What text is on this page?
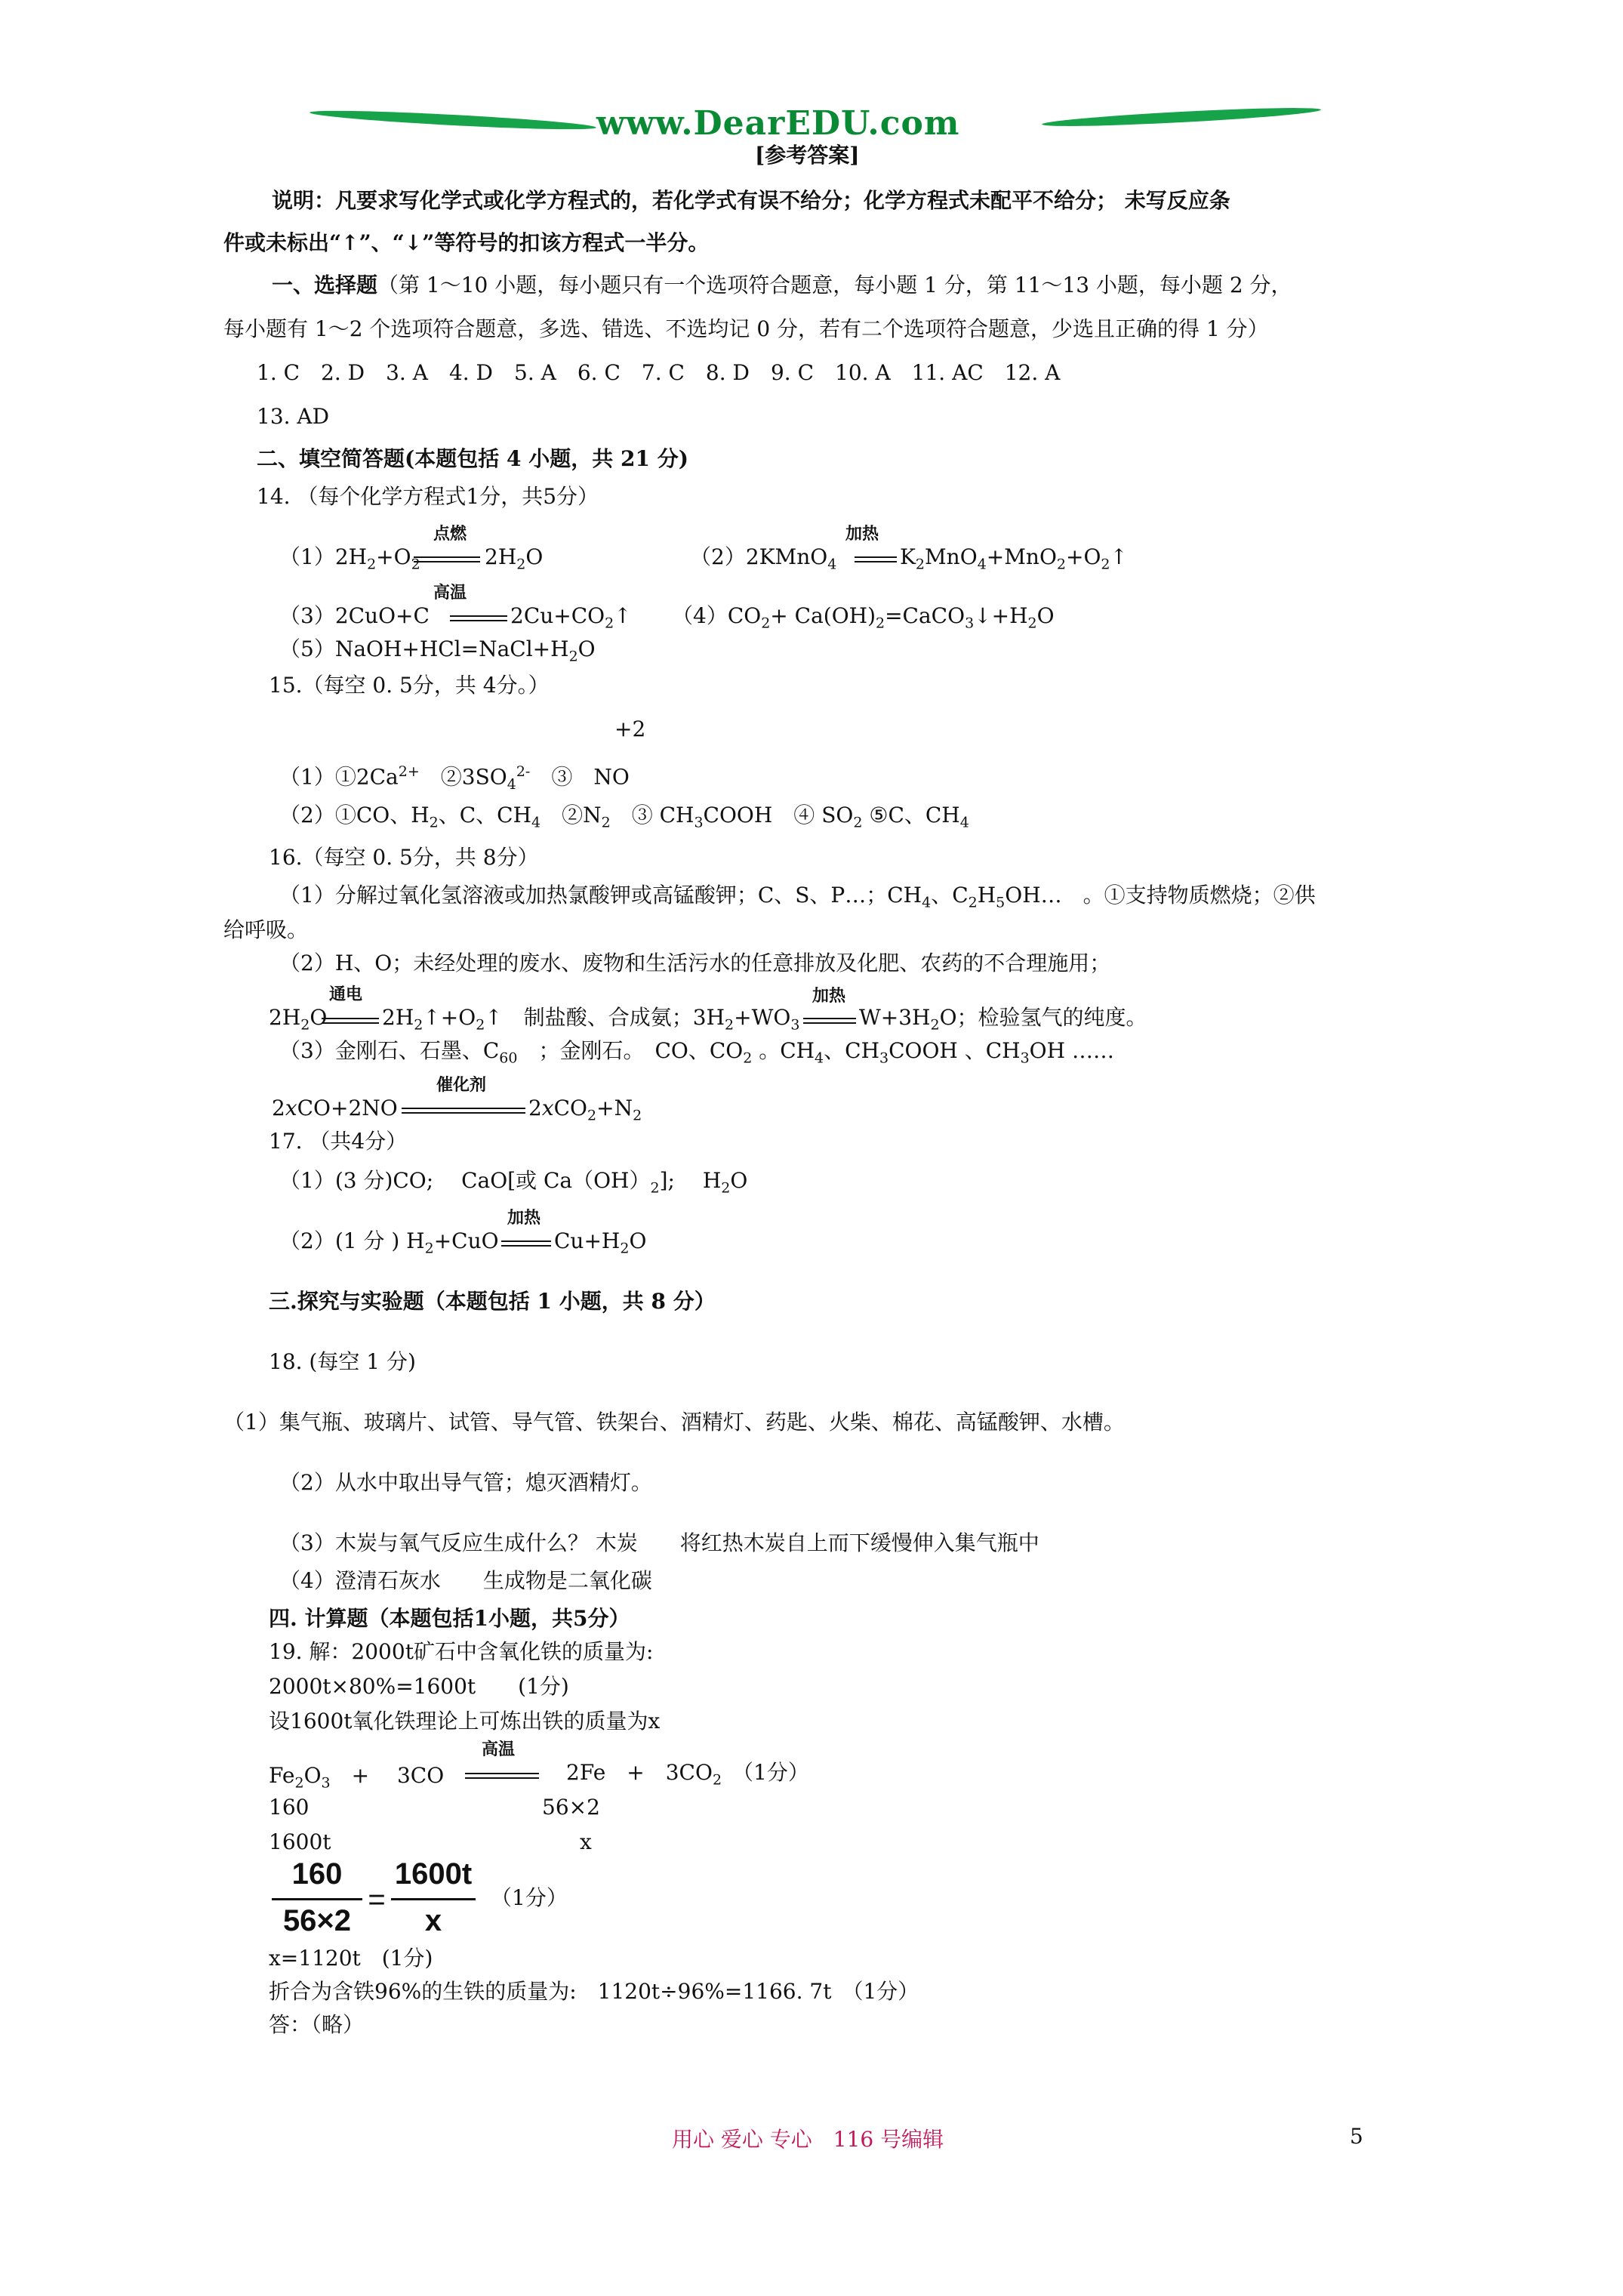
www.DearEDU.com
[参考答案]
说明：凡要求写化学式或化学方程式的，若化学式有误不给分；化学方程式未配平不给分； 未写反应条
件或未标出“↑”、“↓”等符号的扣该方程式一半分。
一、选择题（第 1～10 小题，每小题只有一个选项符合题意，每小题 1 分，第 11～13 小题，每小题 2 分，
每小题有 1～2 个选项符合题意，多选、错选、不选均记 0 分，若有二个选项符合题意，少选且正确的得 1 分）
1. C　2. D　3. A　4. D　5. A　6. C　7. C　8. D　9. C　10. A　11. AC　12. A
13. AD
二、填空简答题(本题包括 4 小题，共 21 分)
14. （每个化学方程式1分，共5分）
点燃
$(1)2H_2+O_2$	$2H_2O$
加热
（2）2KMnO$_4$	$K_2MnO_4+MnO_2+O_2↑$
高温
（3）2CuO+C	$2Cu+CO_2↑$ $(4)CO_2+$ $Ca(OH)_2=CaCO_3↓+H_2O$
$(5)NaOH+HCl=NaCl+H_2O$
15.（每空 0. 5分，共 4分。）
+2
$(1)①2Ca^{2+}$　$②3SO_4^{2-}$　③　NO
（2）①CO、$H_2$、C、$CH_4$　$②N_2$　③ $CH_3COOH$　④ $SO_2$ ⑤C、$CH_4$
16.（每空 0. 5分，共 8分）
（1）分解过氧化氢溶液或加热氯酸钾或高锰酸钾；C、S、P…；$CH_4$、$C_2H_5OH\dots$　。①支持物质燃烧；②供
给呼吸。
（2）H、O；未经处理的废水、废物和生活污水的任意排放及化肥、农药的不合理施用；
通电	加热
$2H_2O$	$2H_2↑+O_2↑$　制盐酸、合成氨；$3H_2+WO_3$	$W+3H_2O$；检验氢气的纯度。
（3）金刚石、石墨、$C_{60}$　；金刚石。　CO、$CO_2$ 。$CH_4$、$CH_3COOH$ 、$CH_3OH$ ……
催化剂
2xCO+2NO	$2xCO_2+N_2$
17. （共4分）
（1）(3 分)CO;　 CaO[或 $Ca(OH)_2$];　 $H_2O$
加热
（2）(1 分 ) $H_2+CuO$	$Cu+H_2O$
三.探究与实验题（本题包括 1 小题，共 8 分）
18. (每空 1 分)
（1）集气瓶、玻璃片、试管、导气管、铁架台、酒精灯、药匙、火柴、棉花、高锰酸钾、水槽。
（2）从水中取出导气管；熄灭酒精灯。
（3）木炭与氧气反应生成什么？ 木炭　　将红热木炭自上而下缓慢伸入集气瓶中
（4）澄清石灰水　　生成物是二氧化碳
四. 计算题（本题包括1小题，共5分）
19. 解：2000t矿石中含氧化铁的质量为:
2000t×80%=1600t　　(1分)
设1600t氧化铁理论上可炼出铁的质量为x
高温
$Fe_2O_3$　+　 3CO	2Fe　+　$3CO_2$　 （1分）
160	56×2
1600t	x
160
56×2
=
1600t
x
（1分）
x=1120t　(1分)
折合为含铁96%的生铁的质量为:　1120t÷96%=1166. 7t　（1分）
答：（略）
用心 爱心 专心　116 号编辑	5
